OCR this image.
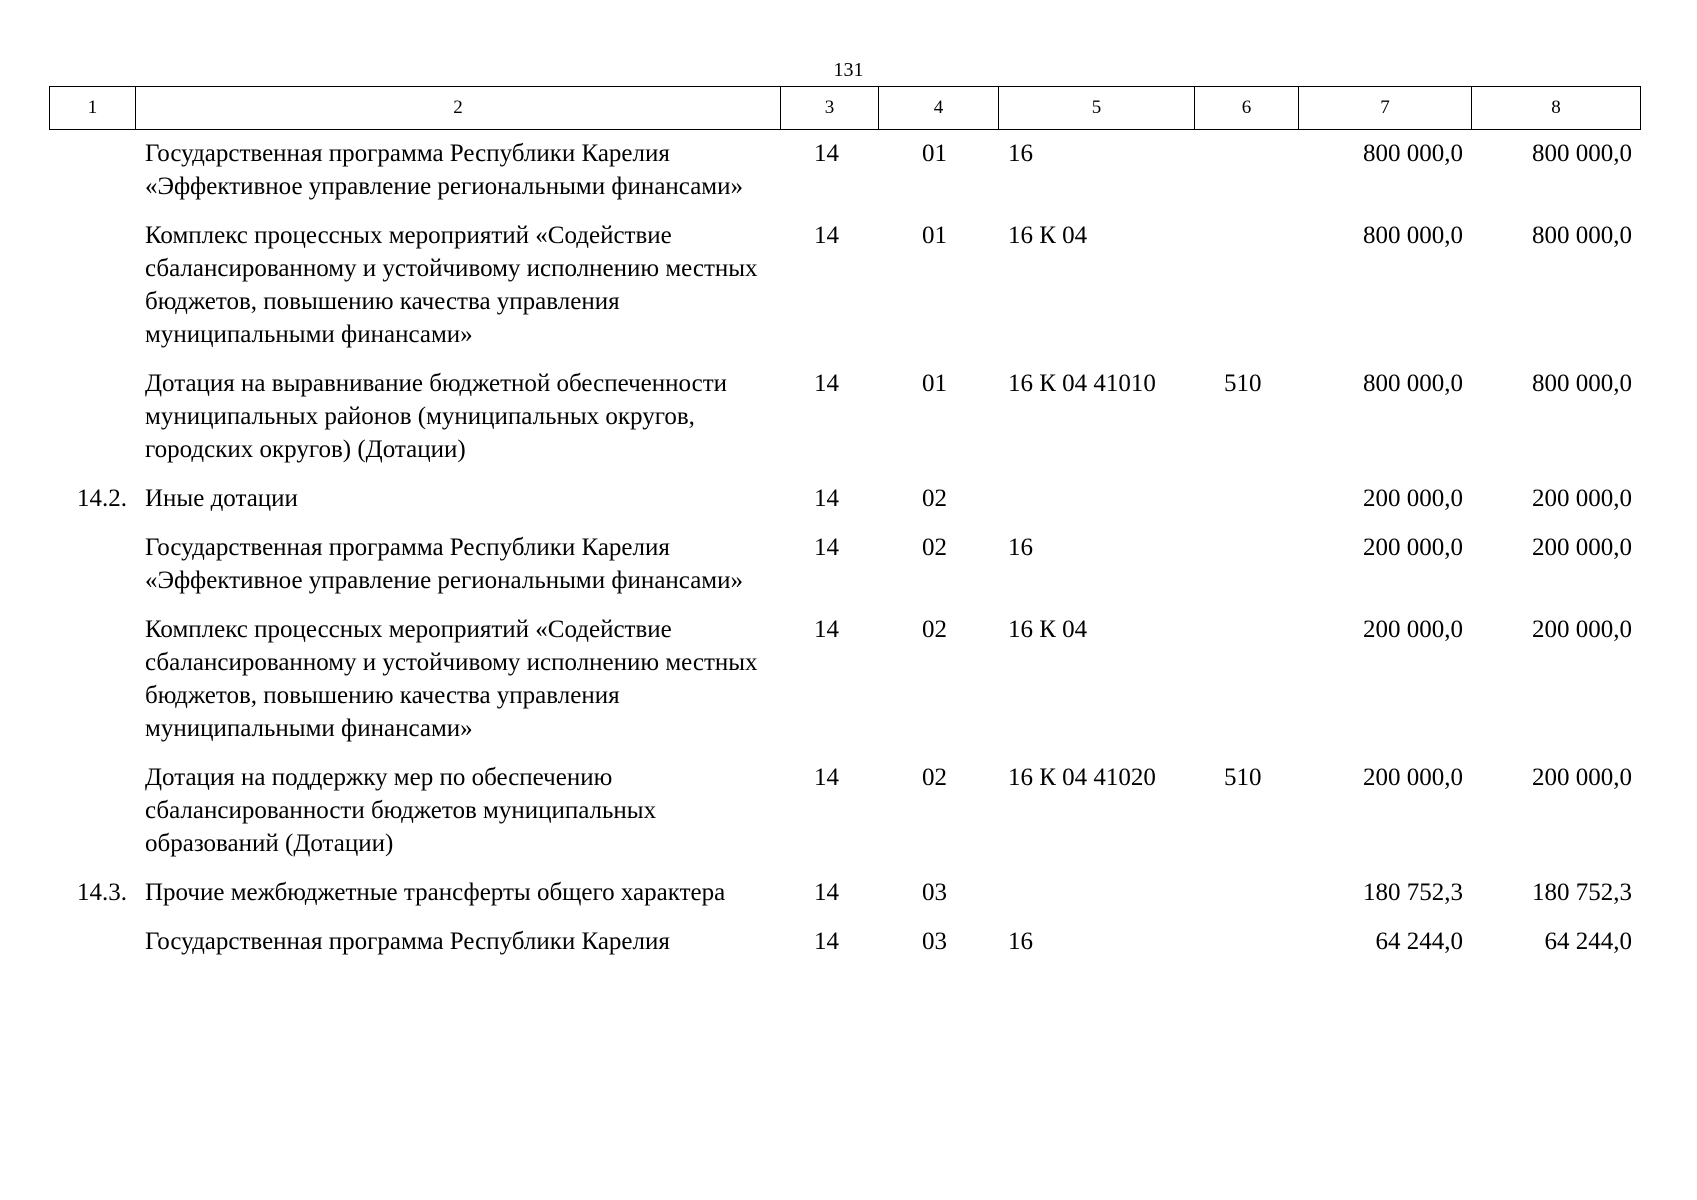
131
1	2	3	4	5	6	7	8
	Государственная программа Республики Карелия «Эффективное управление региональными финансами»	14	01	16		800 000,0	800 000,0
	Комплекс процессных мероприятий «Содействие сбалансированному и устойчивому исполнению местных бюджетов, повышению качества управления муниципальными финансами»	14	01	16 К 04		800 000,0	800 000,0
	Дотация на выравнивание бюджетной обеспеченности муниципальных районов (муниципальных округов, городских округов) (Дотации)	14	01	16 К 04 41010	510	800 000,0	800 000,0
14.2.	Иные дотации	14	02			200 000,0	200 000,0
	Государственная программа Республики Карелия «Эффективное управление региональными финансами»	14	02	16		200 000,0	200 000,0
	Комплекс процессных мероприятий «Содействие сбалансированному и устойчивому исполнению местных бюджетов, повышению качества управления муниципальными финансами»	14	02	16 К 04		200 000,0	200 000,0
	Дотация на поддержку мер по обеспечению сбалансированности бюджетов муниципальных образований (Дотации)	14	02	16 К 04 41020	510	200 000,0	200 000,0
14.3.	Прочие межбюджетные трансферты общего характера	14	03			180 752,3	180 752,3
	Государственная программа Республики Карелия	14	03	16		64 244,0	64 244,0
